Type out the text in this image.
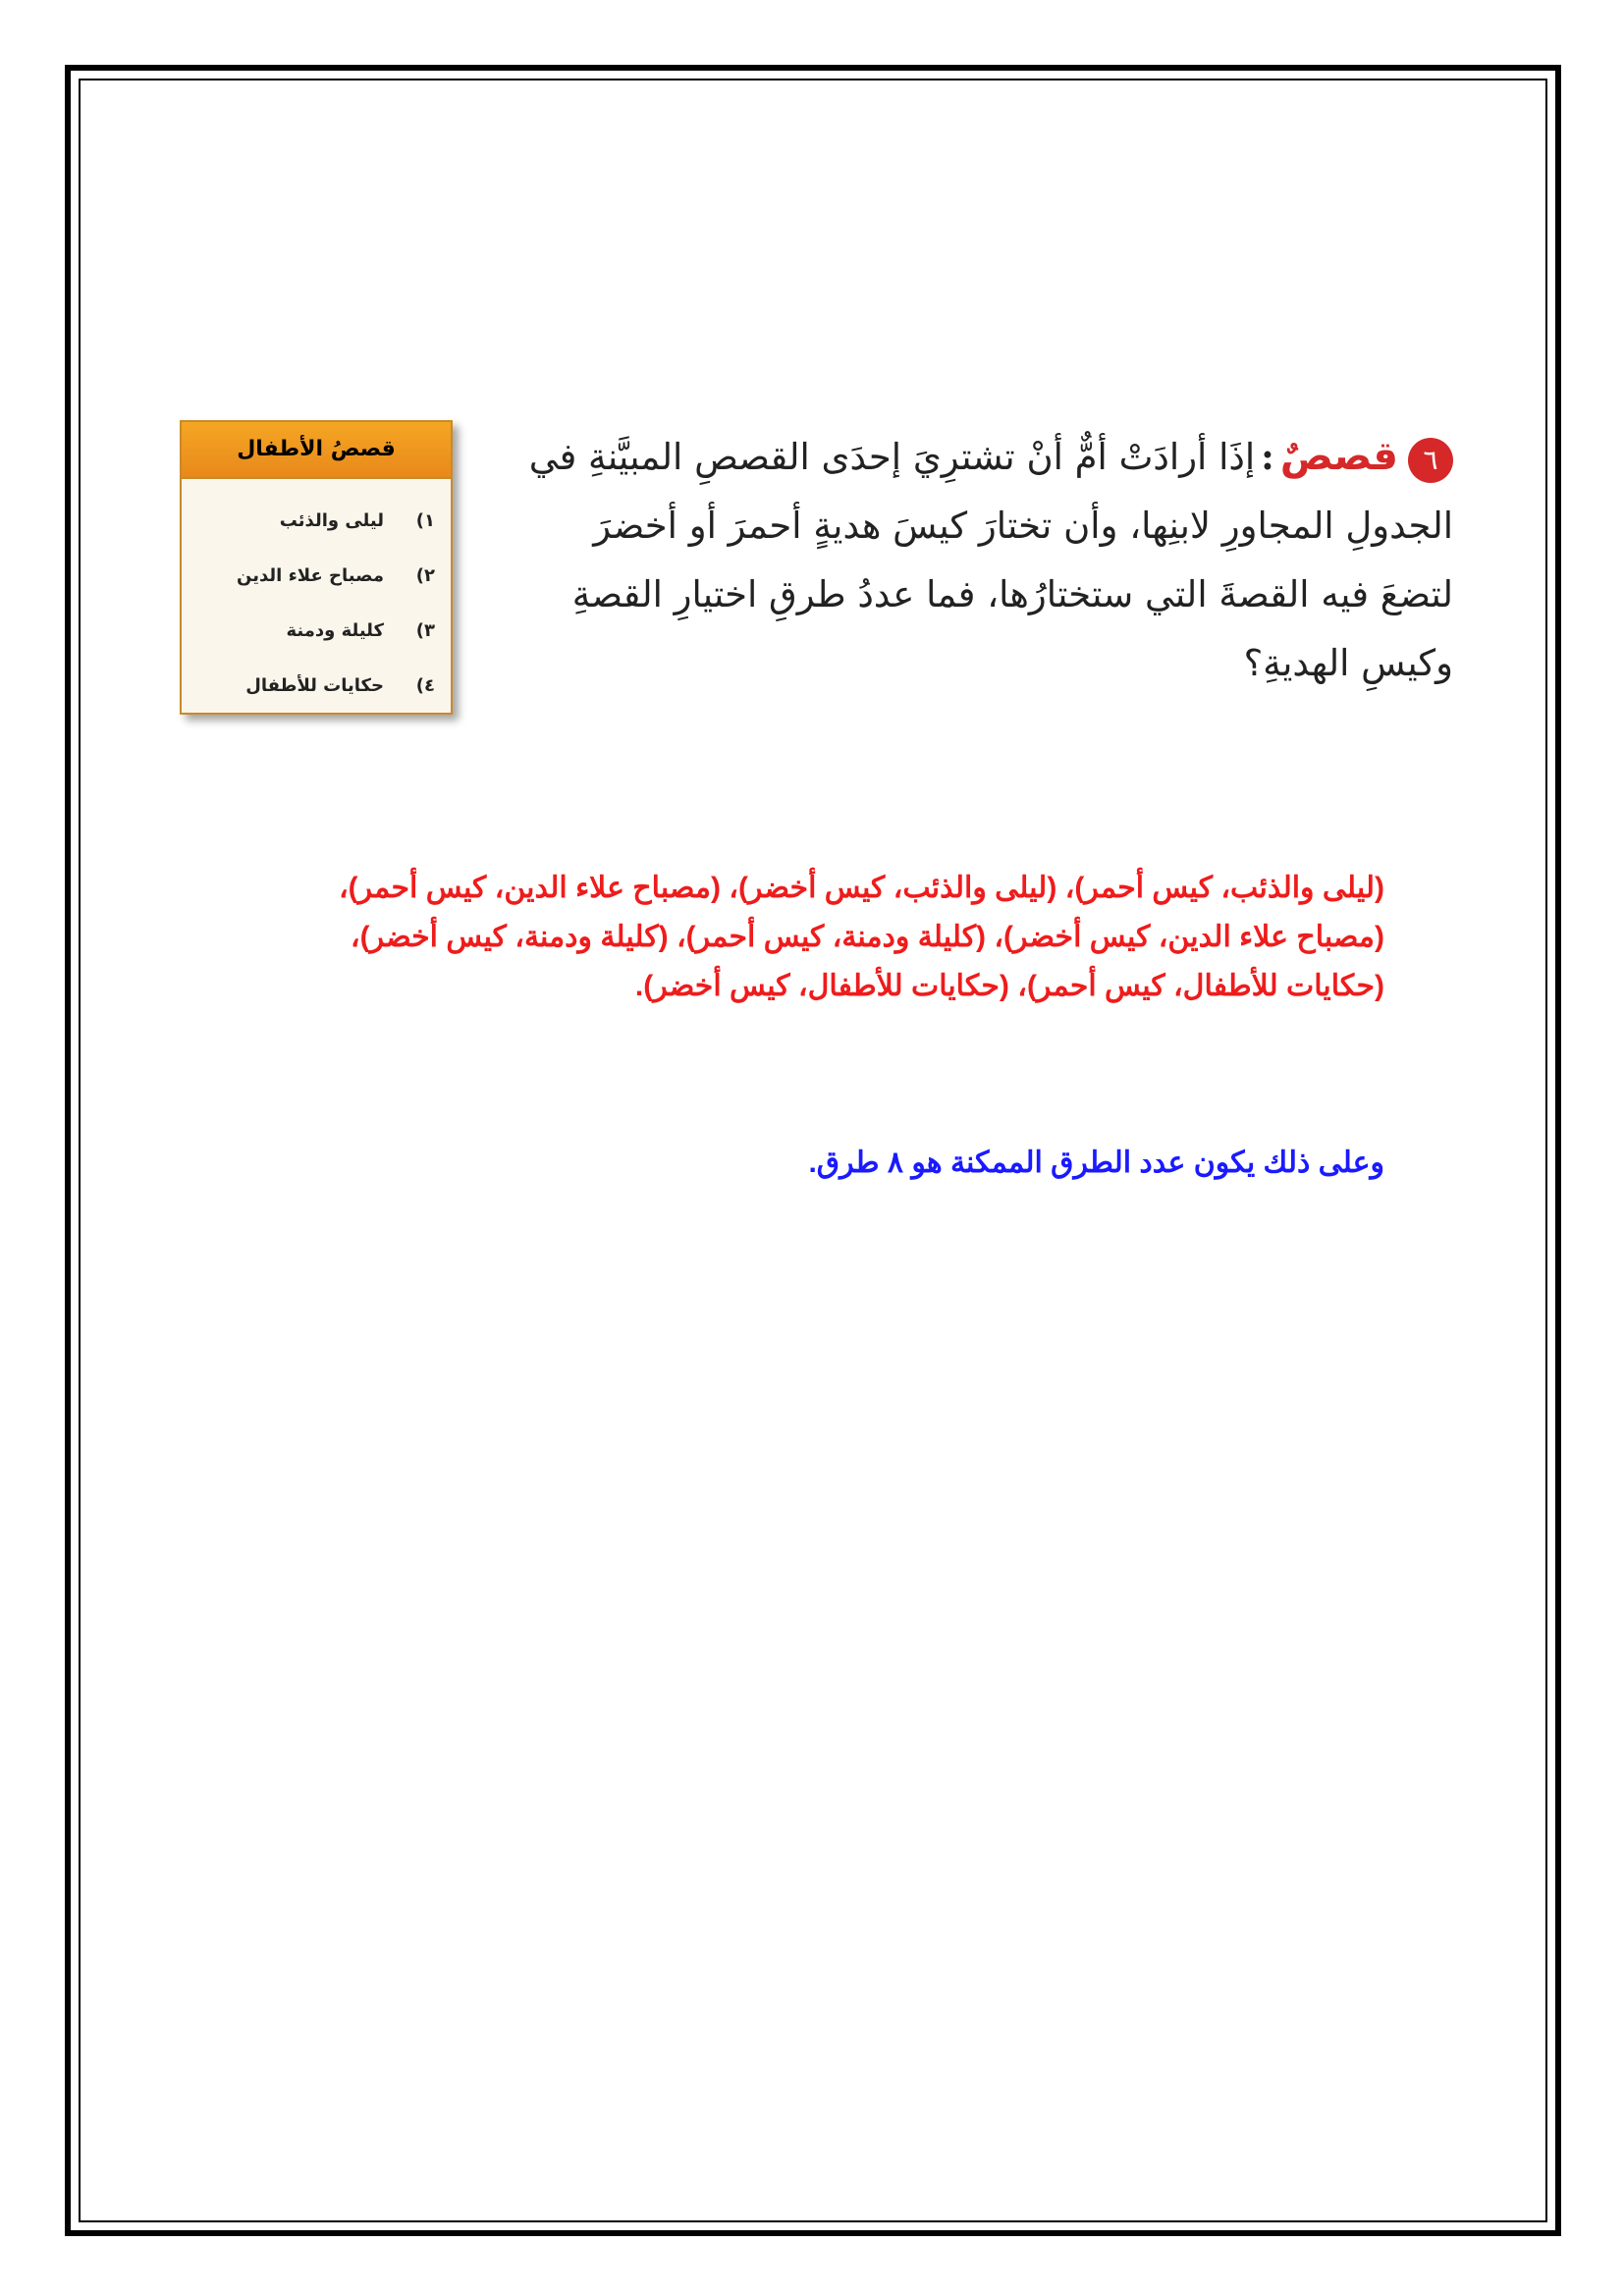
٦قصصٌ:إذَا أرادَتْ أمٌّ أنْ تشترِيَ إحدَى القصصِ المبيَّنةِ في الجدولِ المجاورِ لابنِها، وأن تختارَ كيسَ هديةٍ أحمرَ أو أخضرَ لتضعَ فيه القصةَ التي ستختارُها، فما عددُ طرقِ اختيارِ القصةِ وكيسِ الهديةِ؟
قصصُ الأطفال
١)
ليلى والذئب
٢)
مصباح علاء الدين
٣)
كليلة ودمنة
٤)
حكايات للأطفال
(ليلى والذئب، كيس أحمر)، (ليلى والذئب، كيس أخضر)، (مصباح علاء الدين، كيس أحمر)، (مصباح علاء الدين، كيس أخضر)، (كليلة ودمنة، كيس أحمر)، (كليلة ودمنة، كيس أخضر)، (حكايات للأطفال، كيس أحمر)، (حكايات للأطفال، كيس أخضر).
وعلى ذلك يكون عدد الطرق الممكنة هو ٨ طرق.
